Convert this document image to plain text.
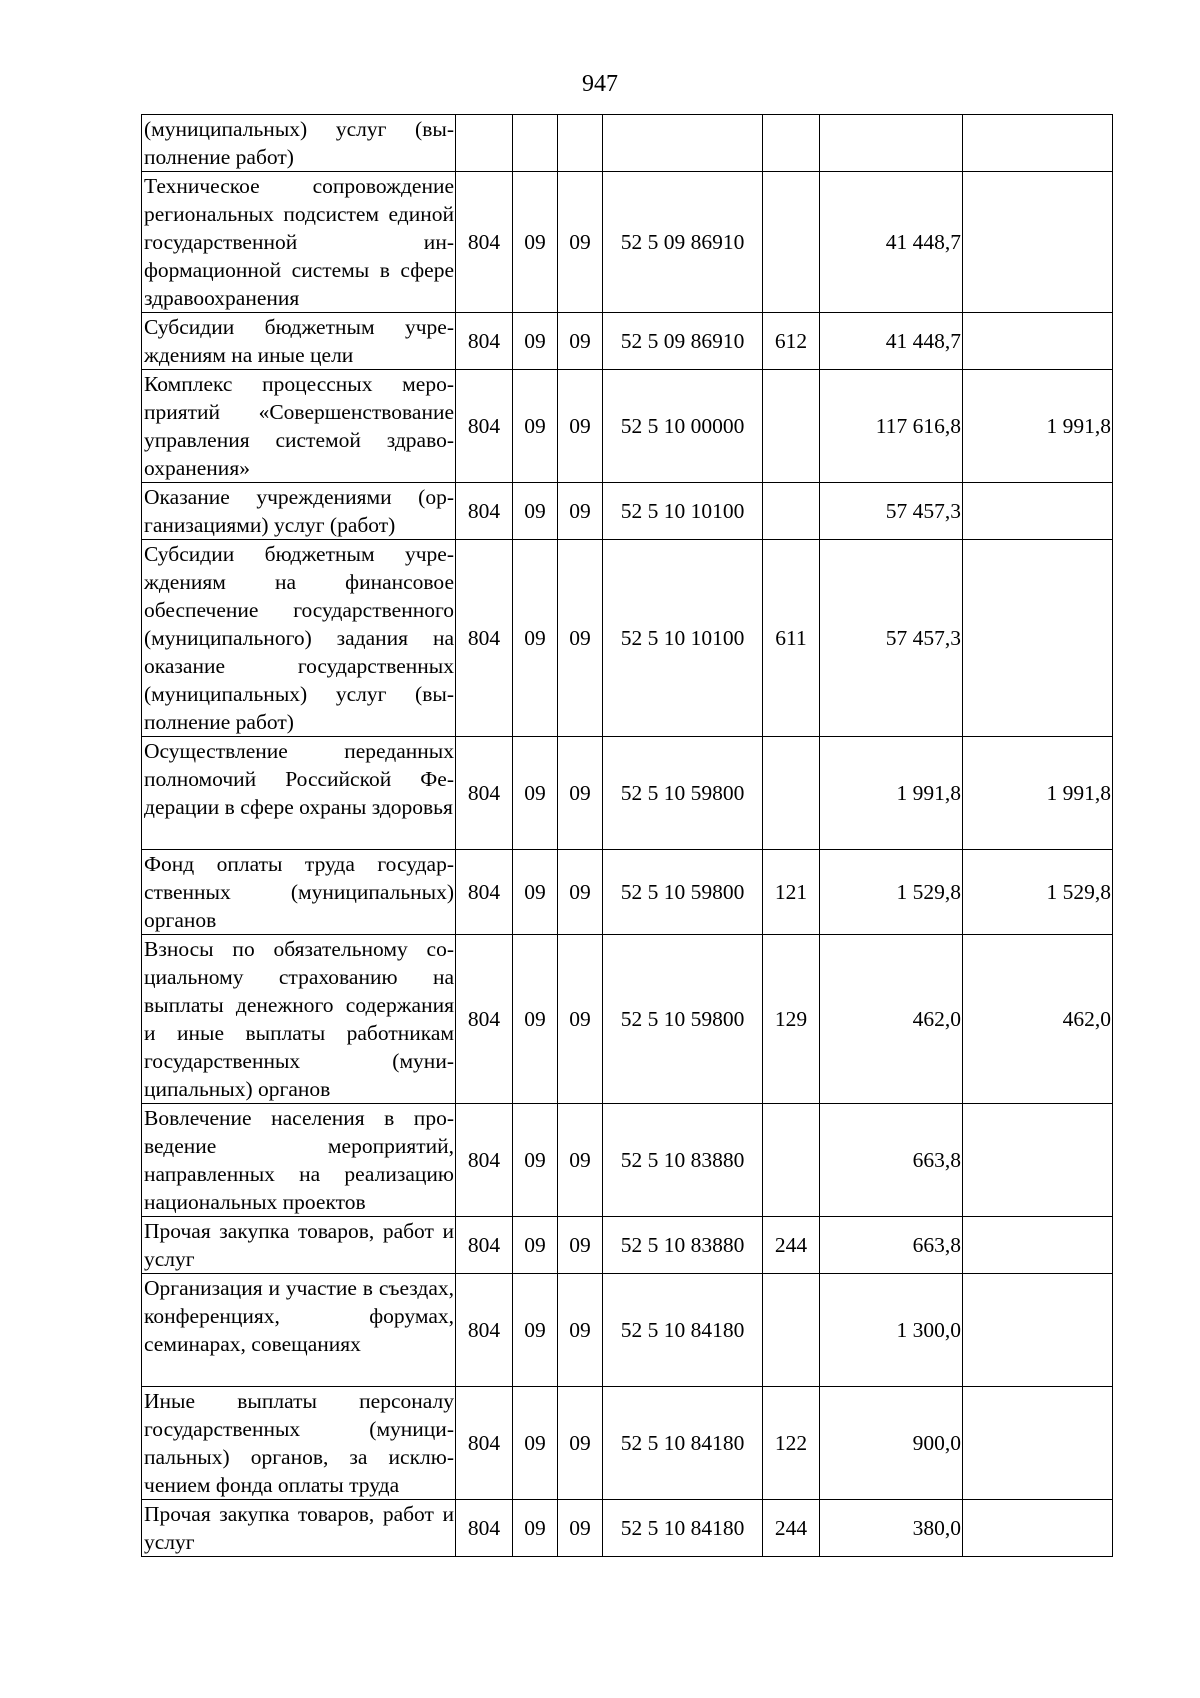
947
(муниципальных) услуг (выполнение работ)							
Техническое сопровождение региональных подсистем единой государственной информационной системы в сфере здравоохранения	804	09	09	52 5 09 86910		41 448,7	
Субсидии бюджетным учреждениям на иные цели	804	09	09	52 5 09 86910	612	41 448,7	
Комплекс процессных мероприятий «Совершенствование управления системой здравоохранения»	804	09	09	52 5 10 00000		117 616,8	1 991,8
Оказание учреждениями (организациями) услуг (работ)	804	09	09	52 5 10 10100		57 457,3	
Субсидии бюджетным учреждениям на финансовое обеспечение государственного (муниципального) задания на оказание государственных (муниципальных) услуг (выполнение работ)	804	09	09	52 5 10 10100	611	57 457,3	
Осуществление переданных полномочий Российской Федерации в сфере охраны здоровья	804	09	09	52 5 10 59800		1 991,8	1 991,8
Фонд оплаты труда государственных (муниципальных) органов	804	09	09	52 5 10 59800	121	1 529,8	1 529,8
Взносы по обязательному социальному страхованию на выплаты денежного содержания и иные выплаты работникам государственных (муниципальных) органов	804	09	09	52 5 10 59800	129	462,0	462,0
Вовлечение населения в проведение мероприятий, направленных на реализацию национальных проектов	804	09	09	52 5 10 83880		663,8	
Прочая закупка товаров, работ и услуг	804	09	09	52 5 10 83880	244	663,8	
Организация и участие в съездах, конференциях, форумах, семинарах, совещаниях	804	09	09	52 5 10 84180		1 300,0	
Иные выплаты персоналу государственных (муниципальных) органов, за исключением фонда оплаты труда	804	09	09	52 5 10 84180	122	900,0	
Прочая закупка товаров, работ и услуг	804	09	09	52 5 10 84180	244	380,0	
